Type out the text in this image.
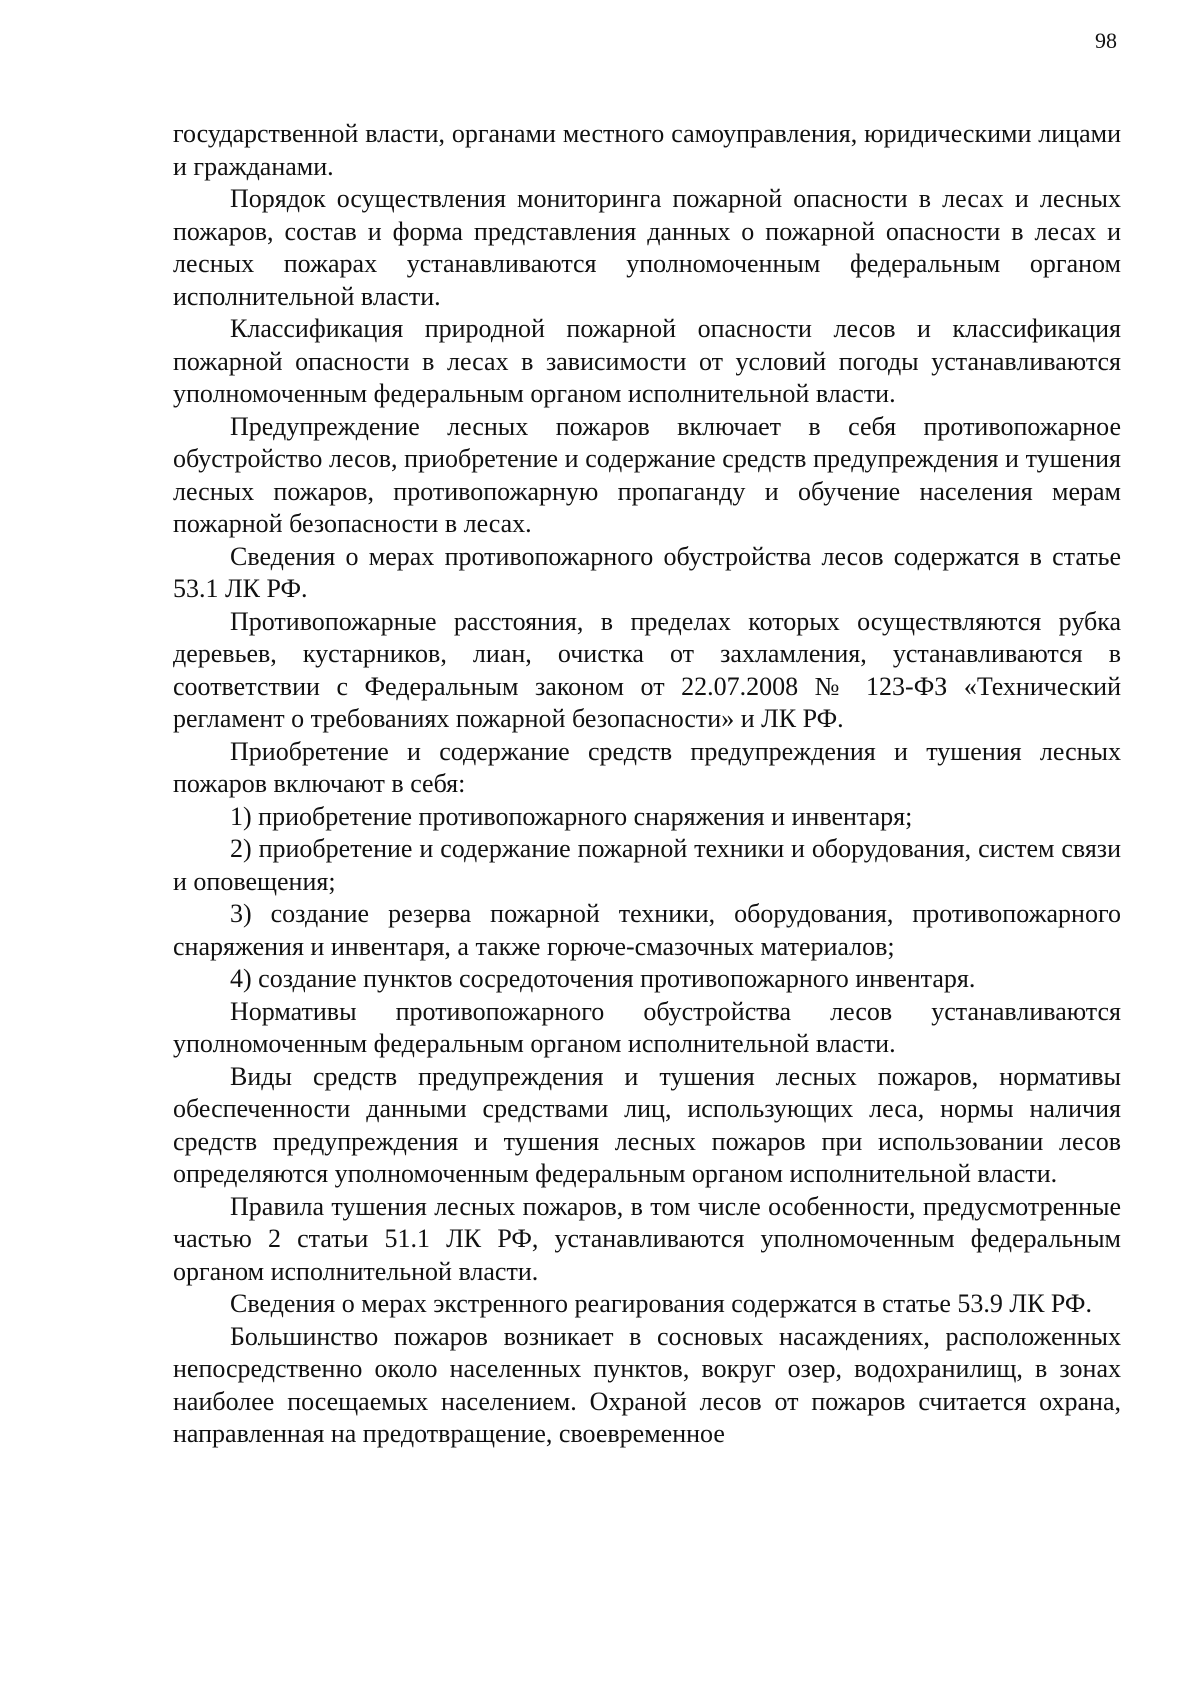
98

государственной власти, органами местного самоуправления, юридическими лицами и гражданами.

Порядок осуществления мониторинга пожарной опасности в лесах и лесных пожаров, состав и форма представления данных о пожарной опасности в лесах и лесных пожарах устанавливаются уполномоченным федеральным органом исполнительной власти.

Классификация природной пожарной опасности лесов и классификация пожарной опасности в лесах в зависимости от условий погоды устанавливаются уполномоченным федеральным органом исполнительной власти.

Предупреждение лесных пожаров включает в себя противопожарное обустройство лесов, приобретение и содержание средств предупреждения и тушения лесных пожаров, противопожарную пропаганду и обучение населения мерам пожарной безопасности в лесах.

Сведения о мерах противопожарного обустройства лесов содержатся в статье 53.1 ЛК РФ.

Противопожарные расстояния, в пределах которых осуществляются рубка деревьев, кустарников, лиан, очистка от захламления, устанавливаются в соответствии с Федеральным законом от 22.07.2008 № 123-ФЗ «Технический регламент о требованиях пожарной безопасности» и ЛК РФ.

Приобретение и содержание средств предупреждения и тушения лесных пожаров включают в себя:

1) приобретение противопожарного снаряжения и инвентаря;

2) приобретение и содержание пожарной техники и оборудования, систем связи и оповещения;

3) создание резерва пожарной техники, оборудования, противопожарного снаряжения и инвентаря, а также горюче-смазочных материалов;

4) создание пунктов сосредоточения противопожарного инвентаря.

Нормативы противопожарного обустройства лесов устанавливаются уполномоченным федеральным органом исполнительной власти.

Виды средств предупреждения и тушения лесных пожаров, нормативы обеспеченности данными средствами лиц, использующих леса, нормы наличия средств предупреждения и тушения лесных пожаров при использовании лесов определяются уполномоченным федеральным органом исполнительной власти.

Правила тушения лесных пожаров, в том числе особенности, предусмотренные частью 2 статьи 51.1 ЛК РФ, устанавливаются уполномоченным федеральным органом исполнительной власти.

Сведения о мерах экстренного реагирования содержатся в статье 53.9 ЛК РФ.

Большинство пожаров возникает в сосновых насаждениях, расположенных непосредственно около населенных пунктов, вокруг озер, водохранилищ, в зонах наиболее посещаемых населением. Охраной лесов от пожаров считается охрана, направленная на предотвращение, своевременное
